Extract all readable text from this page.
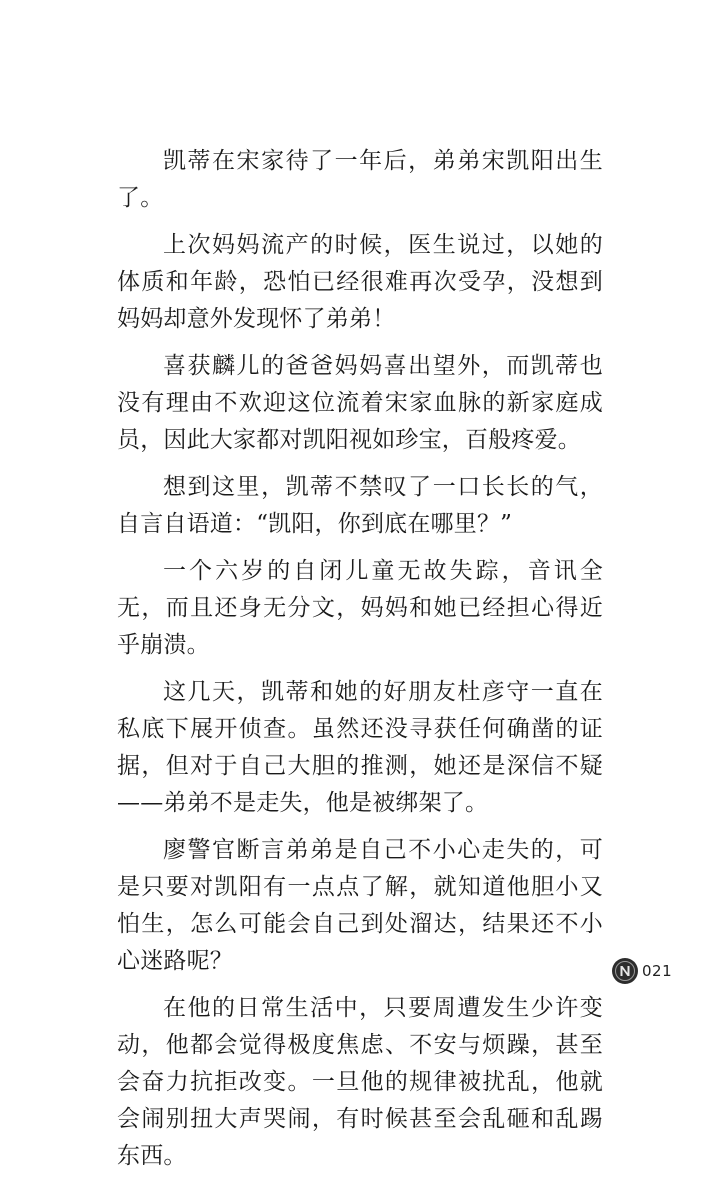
凯蒂在宋家待了一年后，弟弟宋凯阳出生了。

上次妈妈流产的时候，医生说过，以她的体质和年龄，恐怕已经很难再次受孕，没想到妈妈却意外发现怀了弟弟！

喜获麟儿的爸爸妈妈喜出望外，而凯蒂也没有理由不欢迎这位流着宋家血脉的新家庭成员，因此大家都对凯阳视如珍宝，百般疼爱。

想到这里，凯蒂不禁叹了一口长长的气，自言自语道：“凯阳，你到底在哪里？”

一个六岁的自闭儿童无故失踪，音讯全无，而且还身无分文，妈妈和她已经担心得近乎崩溃。

这几天，凯蒂和她的好朋友杜彦守一直在私底下展开侦查。虽然还没寻获任何确凿的证据，但对于自己大胆的推测，她还是深信不疑——弟弟不是走失，他是被绑架了。

廖警官断言弟弟是自己不小心走失的，可是只要对凯阳有一点点了解，就知道他胆小又怕生，怎么可能会自己到处溜达，结果还不小心迷路呢？

在他的日常生活中，只要周遭发生少许变动，他都会觉得极度焦虑、不安与烦躁，甚至会奋力抗拒改变。一旦他的规律被扰乱，他就会闹别扭大声哭闹，有时候甚至会乱砸和乱踢东西。

021
